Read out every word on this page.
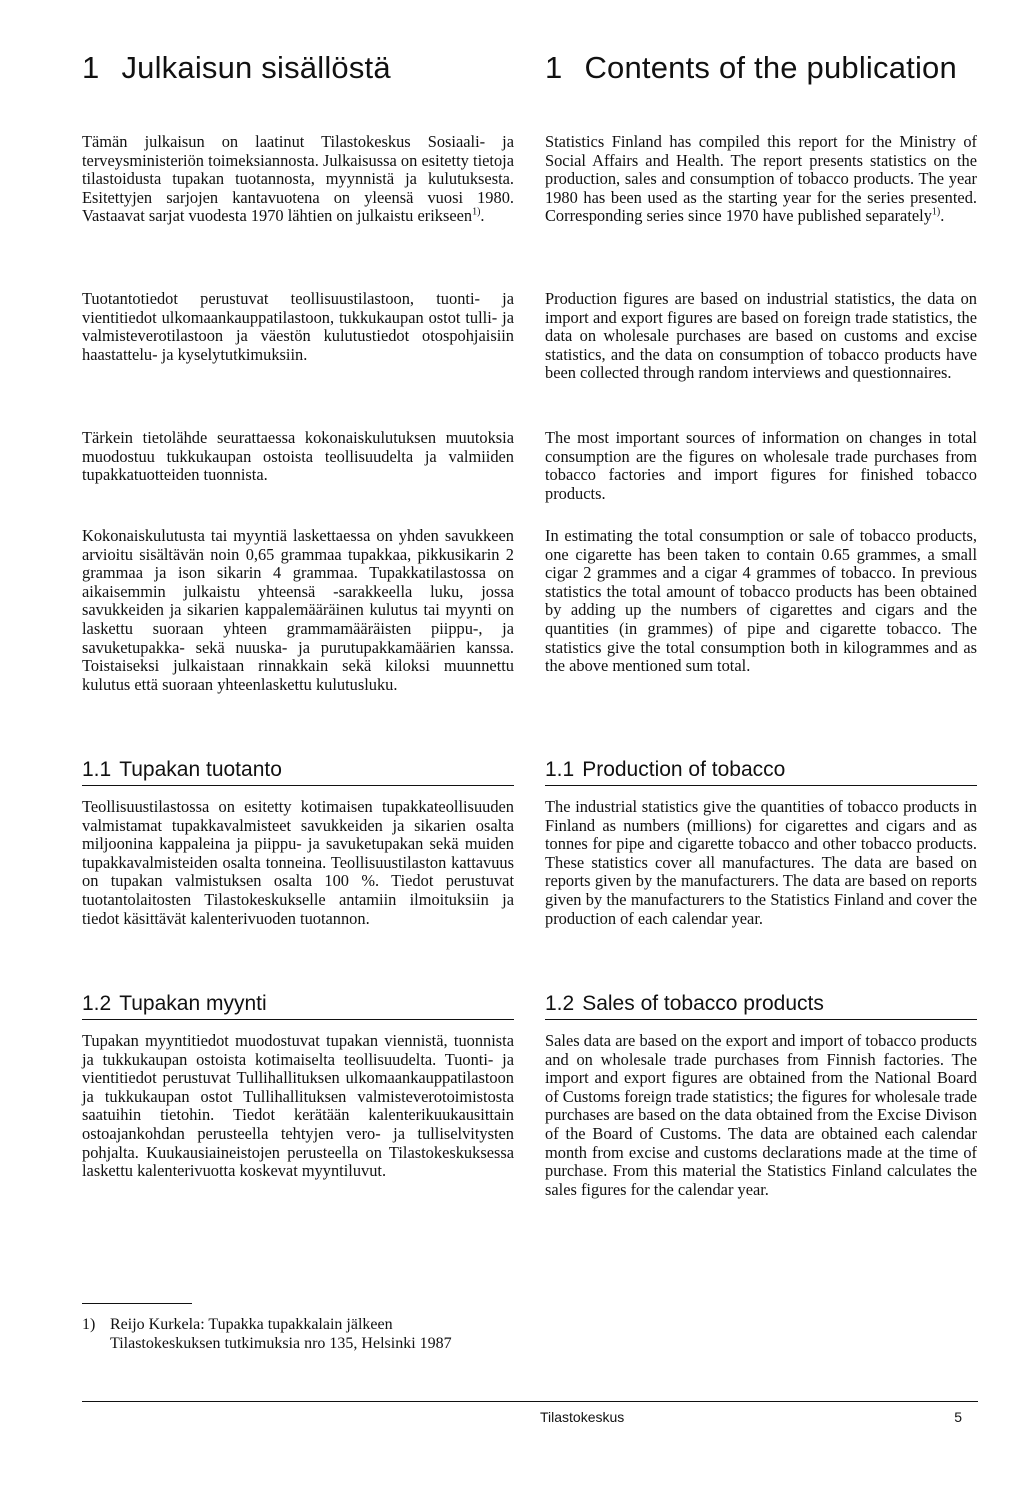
1 Julkaisun sisällöstä

Tämän julkaisun on laatinut Tilastokeskus Sosiaali- ja terveysministeriön toimeksiannosta. Julkaisussa on esitetty tietoja tilastoidusta tupakan tuotannosta, myynnistä ja kulutuksesta. Esitettyjen sarjojen kantavuotena on yleensä vuosi 1980. Vastaavat sarjat vuodesta 1970 lähtien on julkaistu erikseen$^{1)}$.

Tuotantotiedot perustuvat teollisuustilastoon, tuonti- ja vientitiedot ulkomaankauppatilastoon, tukkukaupan ostot tulli- ja valmisteverotilastoon ja väestön kulutustiedot otospohjaisiin haastattelu- ja kyselytutkimuksiin.

Tärkein tietolähde seurattaessa kokonaiskulutuksen muutoksia muodostuu tukkukaupan ostoista teollisuudelta ja valmiiden tupakkatuotteiden tuonnista.

Kokonaiskulutusta tai myyntiä laskettaessa on yhden savukkeen arvioitu sisältävän noin 0,65 grammaa tupakkaa, pikkusikarin 2 grammaa ja ison sikarin 4 grammaa. Tupakkatilastossa on aikaisemmin julkaistu yhteensä -sarakkeella luku, jossa savukkeiden ja sikarien kappalemääräinen kulutus tai myynti on laskettu suoraan yhteen grammamääräisten piippu-, ja savuketupakka- sekä nuuska- ja purutupakkamäärien kanssa. Toistaiseksi julkaistaan rinnakkain sekä kiloksi muunnettu kulutus että suoraan yhteenlaskettu kulutusluku.

1.1 Tupakan tuotanto

Teollisuustilastossa on esitetty kotimaisen tupakkateollisuuden valmistamat tupakkavalmisteet savukkeiden ja sikarien osalta miljoonina kappaleina ja piippu- ja savuketupakan sekä muiden tupakkavalmisteiden osalta tonneina. Teollisuustilaston kattavuus on tupakan valmistuksen osalta 100 %. Tiedot perustuvat tuotantolaitosten Tilastokeskukselle antamiin ilmoituksiin ja tiedot käsittävät kalenterivuoden tuotannon.

1.2 Tupakan myynti

Tupakan myyntitiedot muodostuvat tupakan viennistä, tuonnista ja tukkukaupan ostoista kotimaiselta teollisuudelta. Tuonti- ja vientitiedot perustuvat Tullihallituksen ulkomaankauppatilastoon ja tukkukaupan ostot Tullihallituksen valmisteverotoimistosta saatuihin tietohin. Tiedot kerätään kalenterikuukausittain ostoajankohdan perusteella tehtyjen vero- ja tulliselvitysten pohjalta. Kuukausiaineistojen perusteella on Tilastokeskuksessa laskettu kalenterivuotta koskevat myyntiluvut.

1 Contents of the publication

Statistics Finland has compiled this report for the Ministry of Social Affairs and Health. The report presents statistics on the production, sales and consumption of tobacco products. The year 1980 has been used as the starting year for the series presented. Corresponding series since 1970 have published separately$^{1)}$.

Production figures are based on industrial statistics, the data on import and export figures are based on foreign trade statistics, the data on wholesale purchases are based on customs and excise statistics, and the data on consumption of tobacco products have been collected through random interviews and questionnaires.

The most important sources of information on changes in total consumption are the figures on wholesale trade purchases from tobacco factories and import figures for finished tobacco products.

In estimating the total consumption or sale of tobacco products, one cigarette has been taken to contain 0.65 grammes, a small cigar 2 grammes and a cigar 4 grammes of tobacco. In previous statistics the total amount of tobacco products has been obtained by adding up the numbers of cigarettes and cigars and the quantities (in grammes) of pipe and cigarette tobacco. The statistics give the total consumption both in kilogrammes and as the above mentioned sum total.

1.1 Production of tobacco

The industrial statistics give the quantities of tobacco products in Finland as numbers (millions) for cigarettes and cigars and as tonnes for pipe and cigarette tobacco and other tobacco products. These statistics cover all manufactures. The data are based on reports given by the manufacturers. The data are based on reports given by the manufacturers to the Statistics Finland and cover the production of each calendar year.

1.2 Sales of tobacco products

Sales data are based on the export and import of tobacco products and on wholesale trade purchases from Finnish factories. The import and export figures are obtained from the National Board of Customs foreign trade statistics; the figures for wholesale trade purchases are based on the data obtained from the Excise Divison of the Board of Customs. The data are obtained each calendar month from excise and customs declarations made at the time of purchase. From this material the Statistics Finland calculates the sales figures for the calendar year.

1) Reijo Kurkela: Tupakka tupakkalain jälkeen
Tilastokeskuksen tutkimuksia nro 135, Helsinki 1987

Tilastokeskus	5
